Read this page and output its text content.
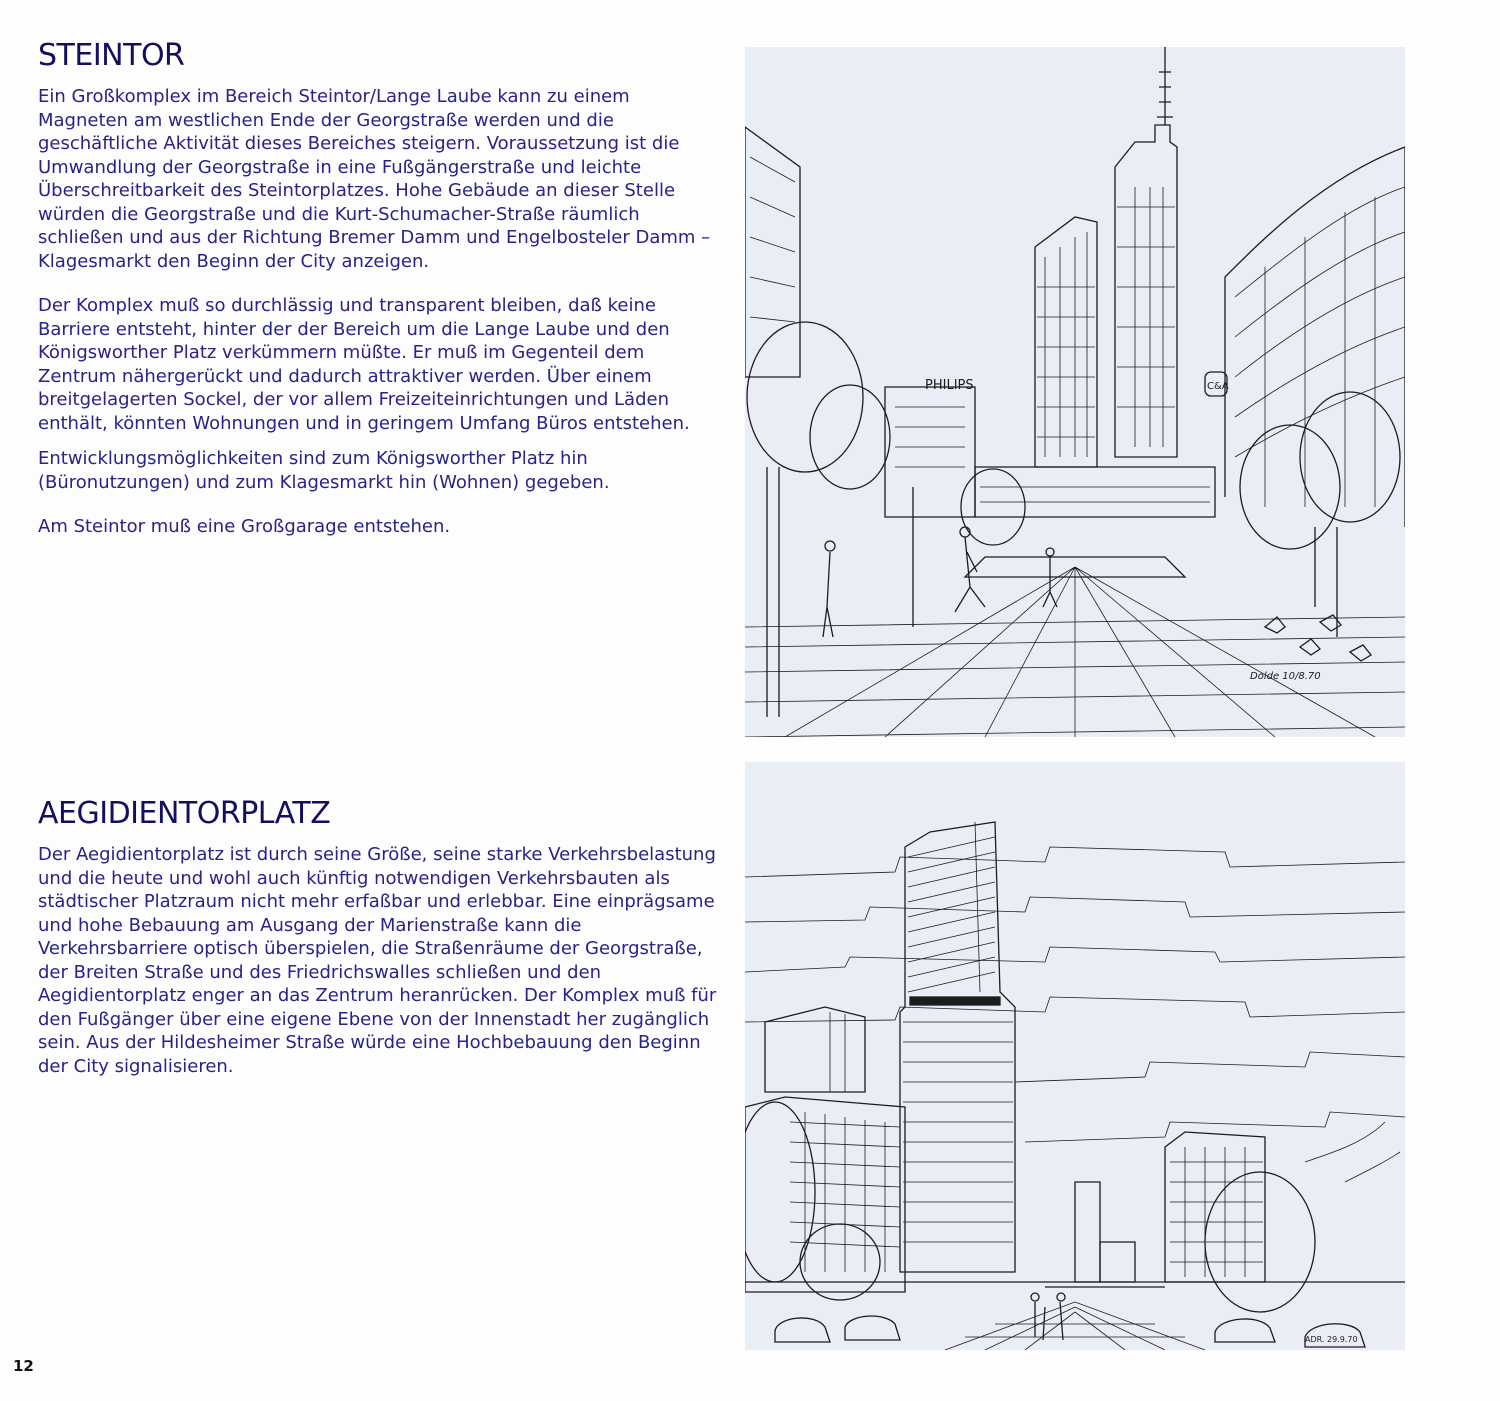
STEINTOR

Ein Großkomplex im Bereich Steintor/Lange Laube kann zu einem Magneten am westlichen Ende der Georgstraße werden und die geschäftliche Aktivität dieses Bereiches steigern. Voraussetzung ist die Umwandlung der Georgstraße in eine Fußgängerstraße und leichte Überschreitbarkeit des Steintorplatzes. Hohe Gebäude an dieser Stelle würden die Georgstraße und die Kurt-Schumacher-Straße räumlich schließen und aus der Richtung Bremer Damm und Engelbosteler Damm – Klagesmarkt den Beginn der City anzeigen.

Der Komplex muß so durchlässig und transparent bleiben, daß keine Barriere entsteht, hinter der der Bereich um die Lange Laube und den Königsworther Platz verkümmern müßte. Er muß im Gegenteil dem Zentrum nähergerückt und dadurch attraktiver werden. Über einem breitgelagerten Sockel, der vor allem Freizeiteinrichtungen und Läden enthält, könnten Wohnungen und in geringem Umfang Büros entstehen.

Entwicklungsmöglichkeiten sind zum Königsworther Platz hin (Büronutzungen) und zum Klagesmarkt hin (Wohnen) gegeben.

Am Steintor muß eine Großgarage entstehen.

PHILIPS	C&A
Dolde 10/8.70
AEGIDIENTORPLATZ

Der Aegidientorplatz ist durch seine Größe, seine starke Verkehrsbelastung und die heute und wohl auch künftig notwendigen Verkehrsbauten als städtischer Platzraum nicht mehr erfaßbar und erlebbar. Eine einprägsame und hohe Bebauung am Ausgang der Marienstraße kann die Verkehrsbarriere optisch überspielen, die Straßenräume der Georgstraße, der Breiten Straße und des Friedrichswalles schließen und den Aegidientorplatz enger an das Zentrum heranrücken. Der Komplex muß für den Fußgänger über eine eigene Ebene von der Innenstadt her zugänglich sein. Aus der Hildesheimer Straße würde eine Hochbebauung den Beginn der City signalisieren.

ADR. 29.9.70
12
